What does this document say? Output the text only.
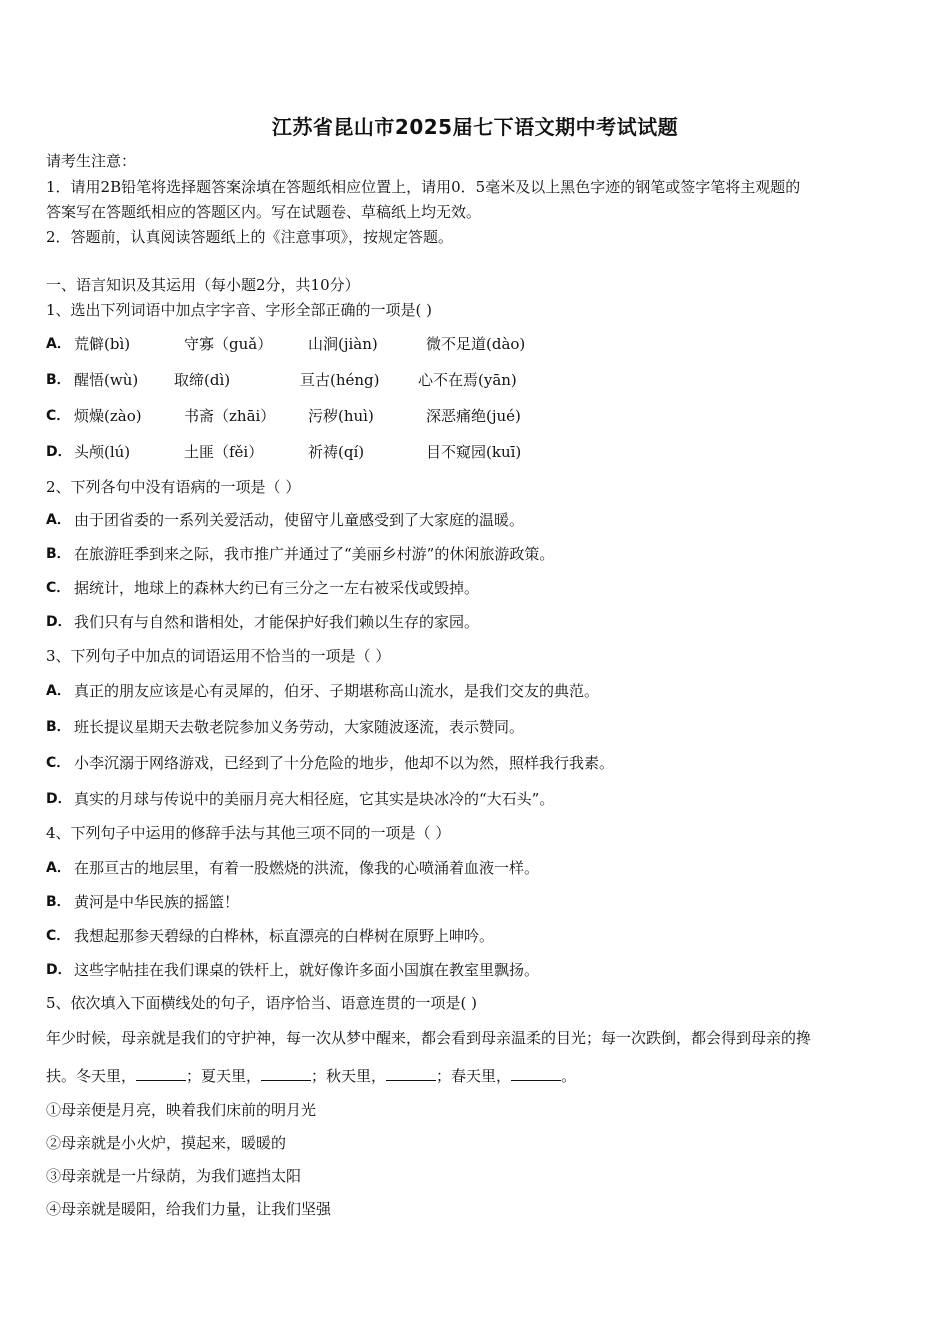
江苏省昆山市2025届七下语文期中考试试题
请考生注意：
1．请用2B铅笔将选择题答案涂填在答题纸相应位置上，请用0．5毫米及以上黑色字迹的钢笔或签字笔将主观题的
答案写在答题纸相应的答题区内。写在试题卷、草稿纸上均无效。
2．答题前，认真阅读答题纸上的《注意事项》，按规定答题。
一、语言知识及其运用（每小题2分，共10分）
1、选出下列词语中加点字字音、字形全部正确的一项是( )
A． 荒僻(bì)	守寡（guǎ） 山涧(jiàn)	微不足道(dào)
B． 醒悟(wù) 取缔(dì)	亘古(héng)	心不在焉(yān)
C． 烦燥(zào)	书斋（zhāi） 污秽(huì)	深恶痛绝(jué)
D． 头颅(lú)	土匪（fěi）	祈祷(qí)	目不窥园(kuī)
2、下列各句中没有语病的一项是（ ）
A． 由于团省委的一系列关爱活动，使留守儿童感受到了大家庭的温暖。
B． 在旅游旺季到来之际，我市推广并通过了“美丽乡村游”的休闲旅游政策。
C． 据统计，地球上的森林大约已有三分之一左右被采伐或毁掉。
D． 我们只有与自然和谐相处，才能保护好我们赖以生存的家园。
3、下列句子中加点的词语运用不恰当的一项是（ ）
A． 真正的朋友应该是心有灵犀的，伯牙、子期堪称高山流水，是我们交友的典范。
B． 班长提议星期天去敬老院参加义务劳动，大家随波逐流，表示赞同。
C． 小李沉溺于网络游戏，已经到了十分危险的地步，他却不以为然，照样我行我素。
D． 真实的月球与传说中的美丽月亮大相径庭，它其实是块冰冷的“大石头”。
4、下列句子中运用的修辞手法与其他三项不同的一项是（ ）
A． 在那亘古的地层里，有着一股燃烧的洪流，像我的心喷涌着血液一样。
B． 黄河是中华民族的摇篮！
C． 我想起那参天碧绿的白桦林，标直漂亮的白桦树在原野上呻吟。
D． 这些字帖挂在我们课桌的铁杆上，就好像许多面小国旗在教室里飘扬。
5、依次填入下面横线处的句子，语序恰当、语意连贯的一项是( )
年少时候，母亲就是我们的守护神，每一次从梦中醒来，都会看到母亲温柔的目光；每一次跌倒，都会得到母亲的搀
扶。冬天里，	；夏天里，	；秋天里，	；春天里，	。
①母亲便是月亮，映着我们床前的明月光
②母亲就是小火炉，摸起来，暖暖的
③母亲就是一片绿荫，为我们遮挡太阳
④母亲就是暖阳，给我们力量，让我们坚强
